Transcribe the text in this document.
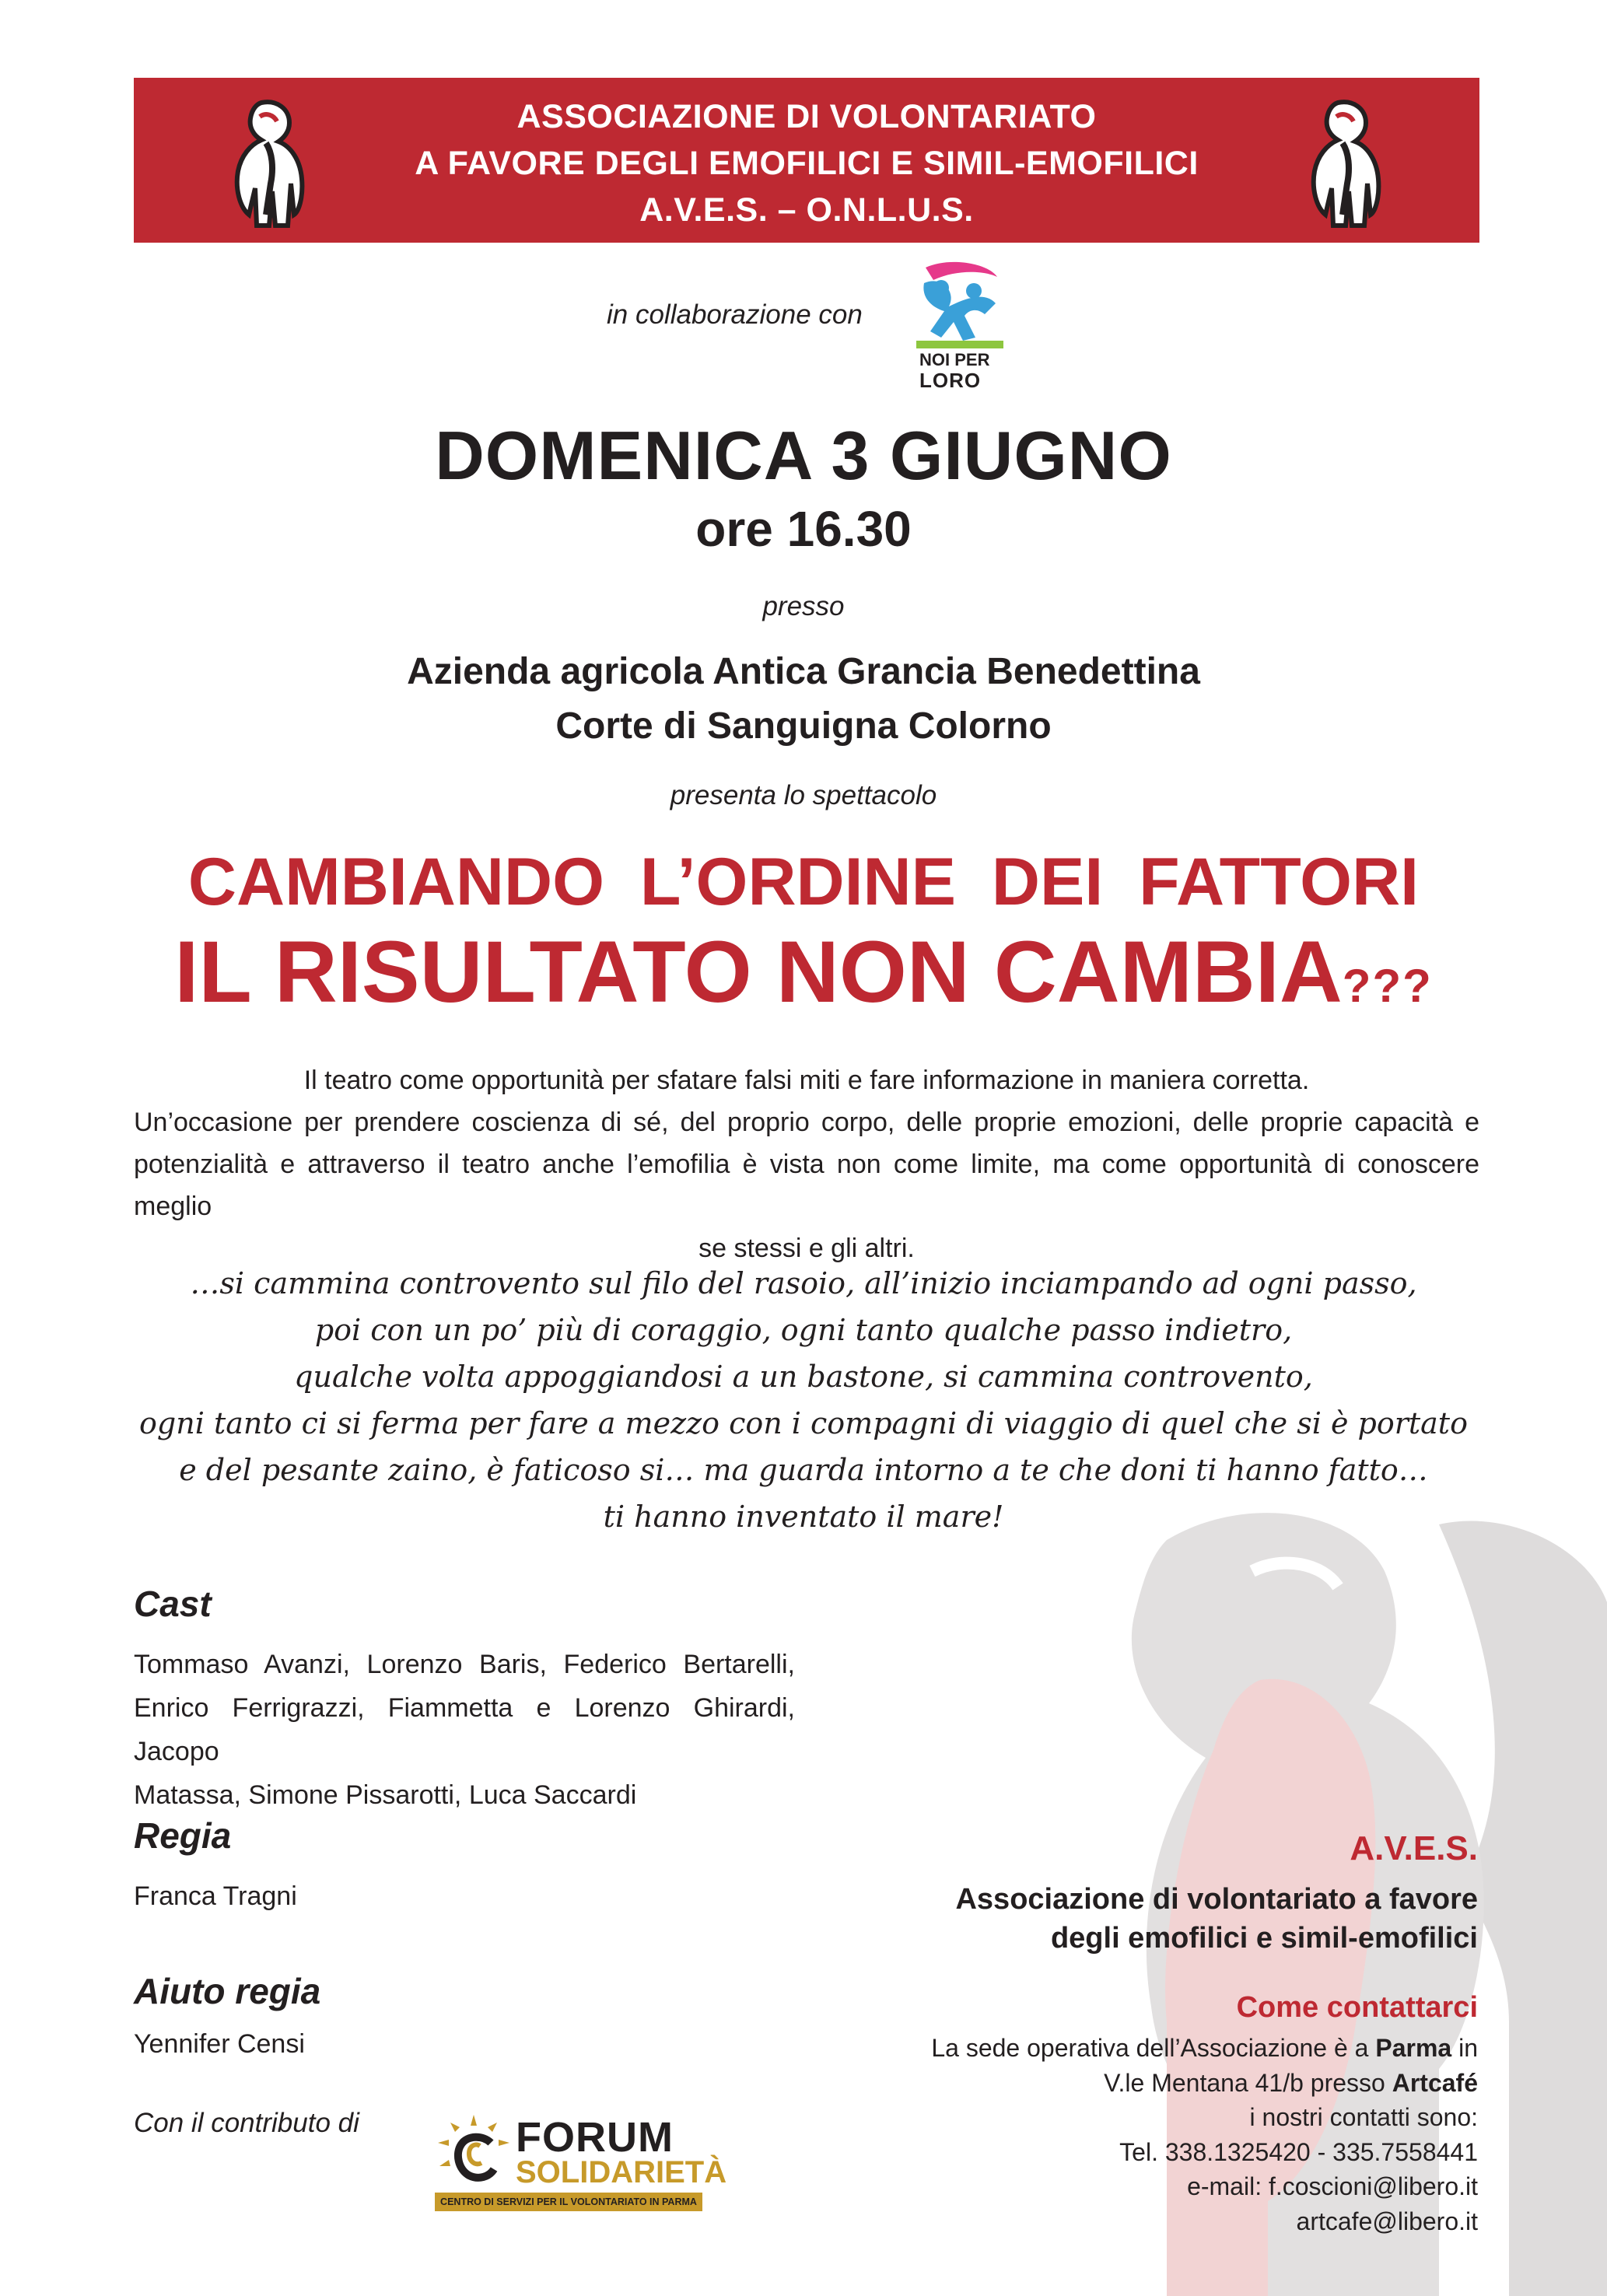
ASSOCIAZIONE DI VOLONTARIATO
A FAVORE DEGLI EMOFILICI E SIMIL-EMOFILICI
A.V.E.S. – O.N.L.U.S.
in collaborazione con
NOI PER
LORO
DOMENICA 3 GIUGNO
ore 16.30
presso
Azienda agricola Antica Grancia Benedettina
Corte di Sanguigna Colorno
presenta lo spettacolo
CAMBIANDO L’ORDINE DEI FATTORI
IL RISULTATO NON CAMBIA???
Il teatro come opportunità per sfatare falsi miti e fare informazione in maniera corretta.
Un’occasione per prendere coscienza di sé, del proprio corpo, delle proprie emozioni, delle proprie capacità e
potenzialità e attraverso il teatro anche l’emofilia è vista non come limite, ma come opportunità di conoscere meglio
se stessi e gli altri.
…si cammina controvento sul filo del rasoio, all’inizio inciampando ad ogni passo,
poi con un po’ più di coraggio, ogni tanto qualche passo indietro,
qualche volta appoggiandosi a un bastone, si cammina controvento,
ogni tanto ci si ferma per fare a mezzo con i compagni di viaggio di quel che si è portato
e del pesante zaino, è faticoso si… ma guarda intorno a te che doni ti hanno fatto…
ti hanno inventato il mare!
Cast
Tommaso Avanzi, Lorenzo Baris, Federico Bertarelli,
Enrico Ferrigrazzi, Fiammetta e Lorenzo Ghirardi, Jacopo
Matassa, Simone Pissarotti, Luca Saccardi
Regia
Franca Tragni
Aiuto regia
Yennifer Censi
Con il contributo di	FORUM
SOLIDARIETÀ
CENTRO DI SERVIZI PER IL VOLONTARIATO IN PARMA
A.V.E.S.
Associazione di volontariato a favore
degli emofilici e simil-emofilici
Come contattarci
La sede operativa dell’Associazione è a Parma in
V.le Mentana 41/b presso Artcafé
i nostri contatti sono:
Tel. 338.1325420 - 335.7558441
e-mail: f.coscioni@libero.it
artcafe@libero.it
